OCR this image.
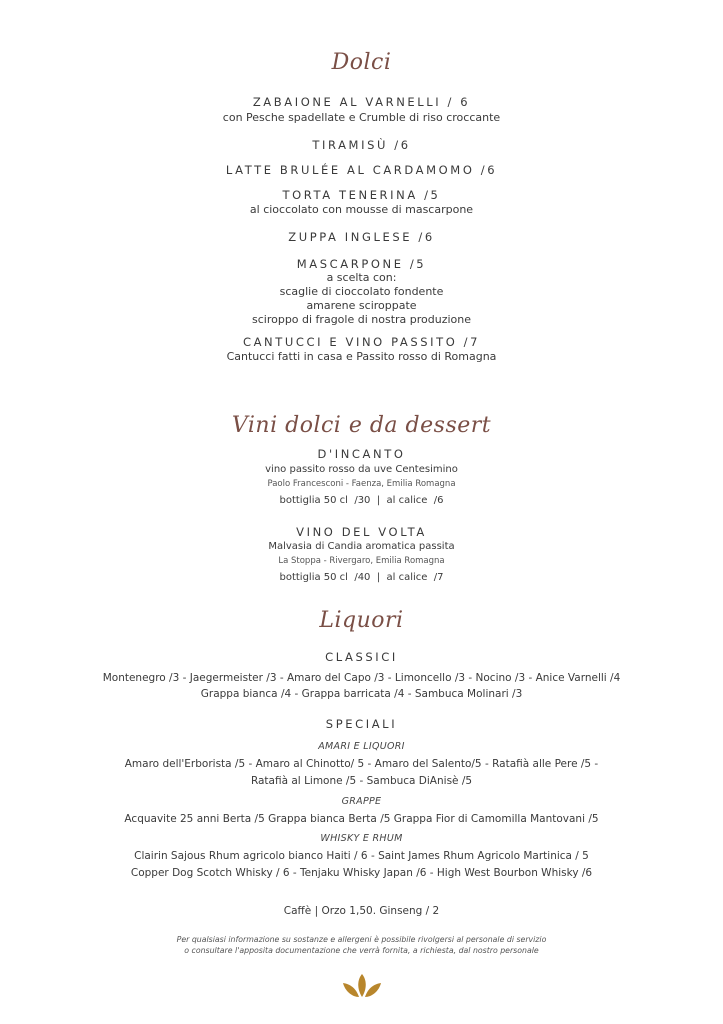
Dolci
ZABAIONE AL VARNELLI / 6
con Pesche spadellate e Crumble di riso croccante
TIRAMISÙ /6
LATTE BRULÉE AL CARDAMOMO /6
TORTA TENERINA /5
al cioccolato con mousse di mascarpone
ZUPPA INGLESE /6
MASCARPONE /5
a scelta con:
scaglie di cioccolato fondente
amarene sciroppate
sciroppo di fragole di nostra produzione
CANTUCCI E VINO PASSITO /7
Cantucci fatti in casa e Passito rosso di Romagna
Vini dolci e da dessert
D'INCANTO
vino passito rosso da uve Centesimino
Paolo Francesconi - Faenza, Emilia Romagna
bottiglia 50 cl  /30  |  al calice  /6
VINO DEL VOLTA
Malvasia di Candia aromatica passita
La Stoppa - Rivergaro, Emilia Romagna
bottiglia 50 cl  /40  |  al calice  /7
Liquori
CLASSICI
Montenegro /3 - Jaegermeister /3 - Amaro del Capo /3 - Limoncello /3 - Nocino /3 - Anice Varnelli /4
Grappa bianca /4 - Grappa barricata /4 - Sambuca Molinari /3
SPECIALI
AMARI E LIQUORI
Amaro dell'Erborista /5 - Amaro al Chinotto/ 5 - Amaro del Salento/5 - Ratafià alle Pere /5 -
Ratafià al Limone /5 - Sambuca DiAnisè /5
GRAPPE
Acquavite 25 anni Berta /5 Grappa bianca Berta /5 Grappa Fior di Camomilla Mantovani /5
WHISKY E RHUM
Clairin Sajous Rhum agricolo bianco Haiti / 6 - Saint James Rhum Agricolo Martinica / 5
Copper Dog Scotch Whisky / 6 - Tenjaku Whisky Japan /6 - High West Bourbon Whisky /6
Caffè | Orzo 1,50. Ginseng / 2
Per qualsiasi informazione su sostanze e allergeni è possibile rivolgersi al personale di servizio
o consultare l'apposita documentazione che verrà fornita, a richiesta, dal nostro personale
